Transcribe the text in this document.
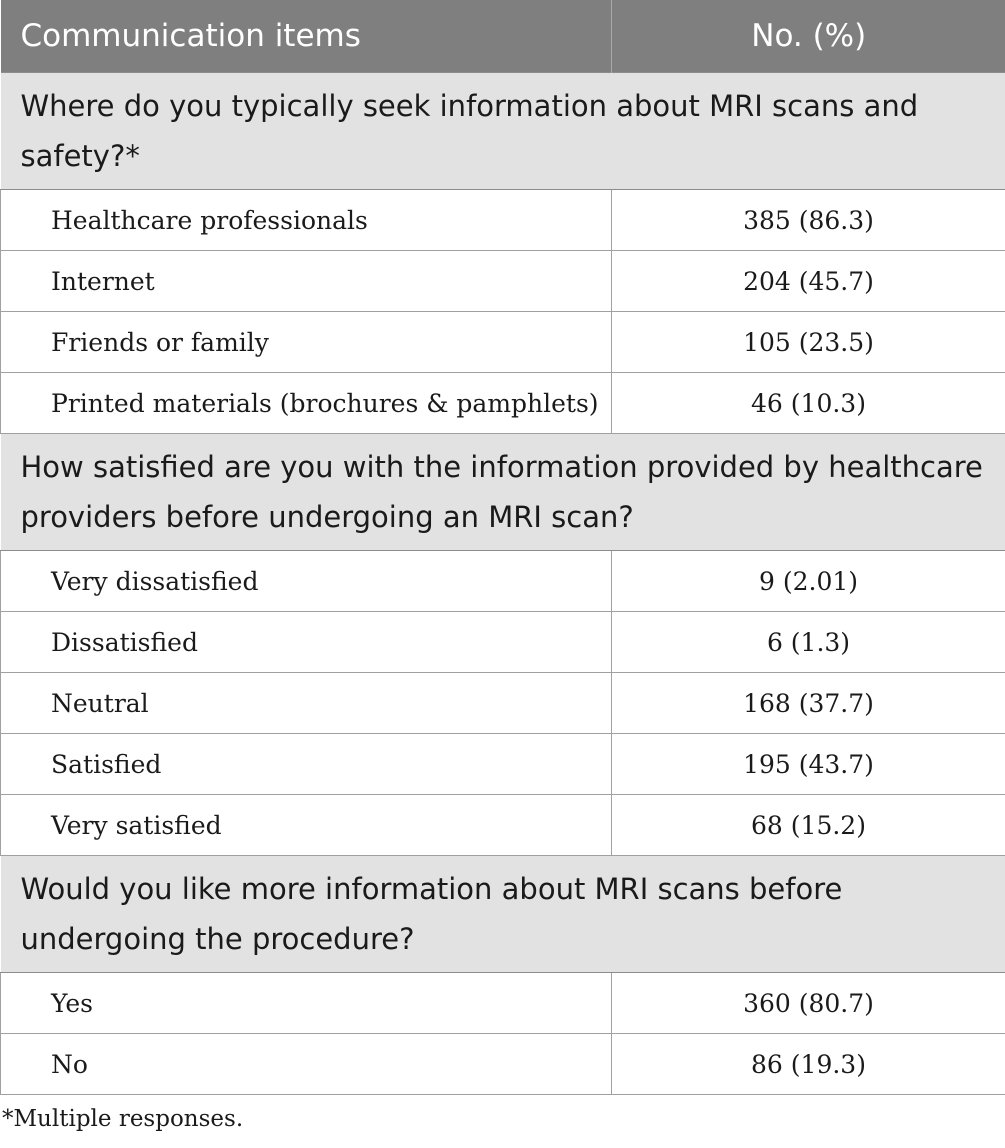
Communication items	No. (%)
Where do you typically seek information about MRI scans and safety?*	
Healthcare professionals	385 (86.3)
Internet	204 (45.7)
Friends or family	105 (23.5)
Printed materials (brochures & pamphlets)	46 (10.3)
How satisfied are you with the information provided by healthcare providers before undergoing an MRI scan?	
Very dissatisfied	9 (2.01)
Dissatisfied	6 (1.3)
Neutral	168 (37.7)
Satisfied	195 (43.7)
Very satisfied	68 (15.2)
Would you like more information about MRI scans before undergoing the procedure?	
Yes	360 (80.7)
No	86 (19.3)
*Multiple responses.
